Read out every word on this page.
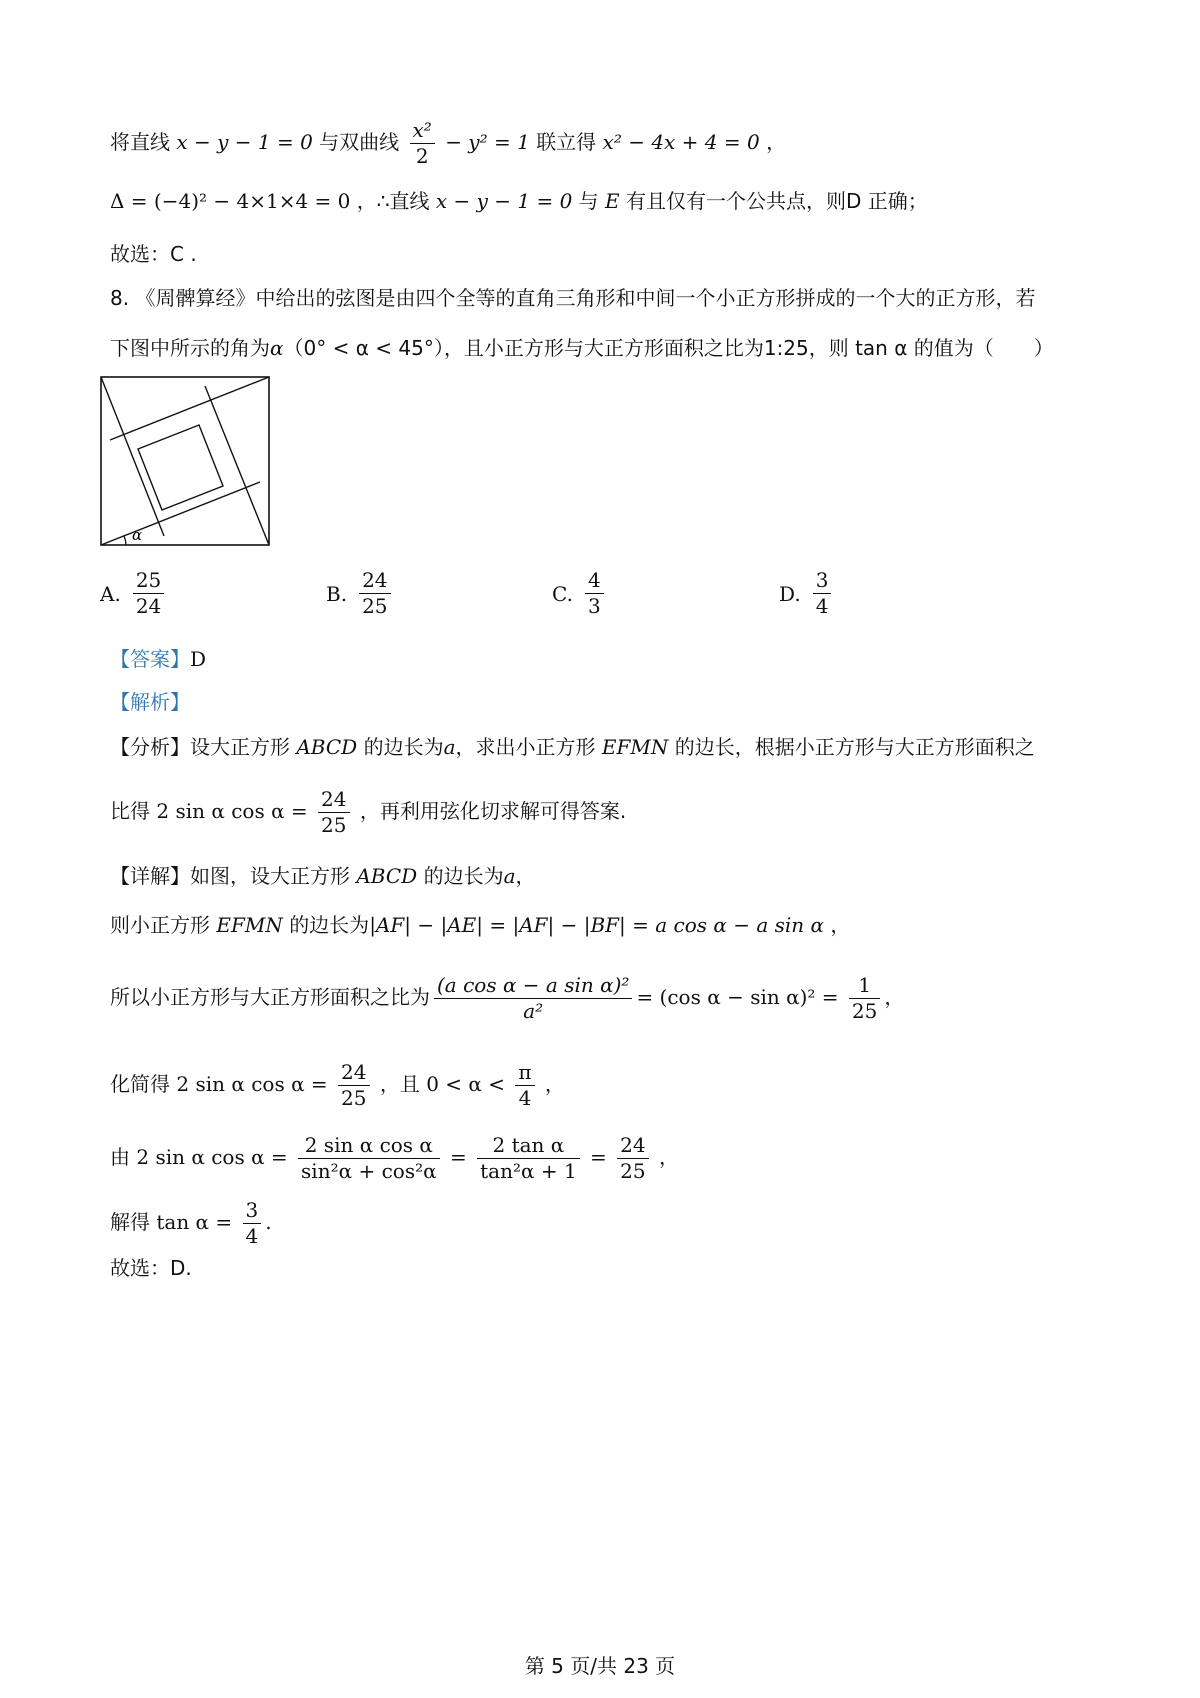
将直线 x − y − 1 = 0 与双曲线 $\frac{\text{x²}}{2} - y^2 = 1$ 联立得 x² − 4x + 4 = 0 ，
Δ = (−4)² − 4×1×4 = 0 ，∴直线 x − y − 1 = 0 与 E 有且仅有一个公共点，则D 正确；
故选：C .
8. 《周髀算经》中给出的弦图是由四个全等的直角三角形和中间一个小正方形拼成的一个大的正方形，若
下图中所示的角为α（0° < α < 45°），且小正方形与大正方形面积之比为1:25，则 tan α 的值为（　　）
α
A. $\frac{25}{24}$	B. $\frac{24}{25}$	C. $\frac{4}{3}$	D. $\frac{3}{4}$
【答案】D
【解析】
【分析】设大正方形 ABCD 的边长为a，求出小正方形 EFMN 的边长，根据小正方形与大正方形面积之
比得 2 sin α $\cos \alpha = \frac{24}{25}$ ，再利用弦化切求解可得答案.
【详解】如图，设大正方形 ABCD 的边长为a，
则小正方形 EFMN 的边长为|AF| − |AE| = |AF| − |BF| = a cos α − a sin α ，
所以小正方形与大正方形面积之比为 $\frac{\text{(a cos α − a sin α)²}}{\text{a²}} = (\cos$ $\alpha - \sin \alpha)^2 = \frac{1}{25}$ ，
化简得 2 sin α $\cos \alpha = \frac{24}{25}$ ，且 $0 < \alpha < \frac{\pi}{4}$ ，
由 2 sin α $\cos \alpha = \frac{\text{2 sin α cos α}}{\text{sin²α + cos²α}} = \frac{\text{2 tan α}}{\text{tan²α + 1}} = \frac{24}{25}$ ，
解得 $\tan \alpha = \frac{3}{4}$ .
故选：D.
第 5 页/共 23 页
